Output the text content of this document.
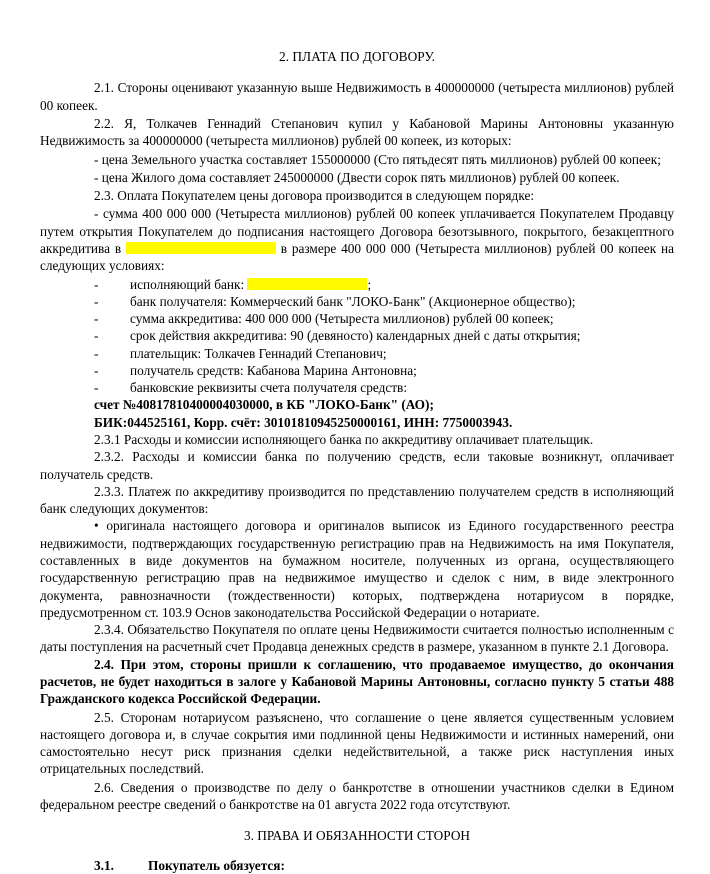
2. ПЛАТА ПО ДОГОВОРУ.

2.1. Стороны оценивают указанную выше Недвижимость в 400000000 (четыреста миллионов) рублей 00 копеек.

2.2. Я, Толкачев Геннадий Степанович купил у Кабановой Марины Антоновны указанную Недвижимость за 400000000 (четыреста миллионов) рублей 00 копеек, из которых:

- цена Земельного участка составляет 155000000 (Сто пятьдесят пять миллионов) рублей 00 копеек;

- цена Жилого дома составляет 245000000 (Двести сорок пять миллионов) рублей 00 копеек.

2.3. Оплата Покупателем цены договора производится в следующем порядке:

- сумма 400 000 000 (Четыреста миллионов) рублей 00 копеек уплачивается Покупателем Продавцу путем открытия Покупателем до подписания настоящего Договора безотзывного, покрытого, безакцептного аккредитива в	в размере 400 000 000 (Четыреста миллионов) рублей 00 копеек на следующих условиях:

-	исполняющий банк:	;
-	банк получателя: Коммерческий банк "ЛОКО-Банк" (Акционерное общество);
-	сумма аккредитива: 400 000 000 (Четыреста миллионов) рублей 00 копеек;
-	срок действия аккредитива: 90 (девяносто) календарных дней с даты открытия;
-	плательщик: Толкачев Геннадий Степанович;
-	получатель средств: Кабанова Марина Антоновна;
-	банковские реквизиты счета получателя средств:

счет №40817810400004030000, в КБ "ЛОКО-Банк" (АО);

БИК:044525161, Корр. счёт: 30101810945250000161, ИНН: 7750003943.

2.3.1 Расходы и комиссии исполняющего банка по аккредитиву оплачивает плательщик.

2.3.2. Расходы и комиссии банка по получению средств, если таковые возникнут, оплачивает получатель средств.

2.3.3. Платеж по аккредитиву производится по представлению получателем средств в исполняющий банк следующих документов:

• оригинала настоящего договора и оригиналов выписок из Единого государственного реестра недвижимости, подтверждающих государственную регистрацию прав на Недвижимость на имя Покупателя, составленных в виде документов на бумажном носителе, полученных из органа, осуществляющего государственную регистрацию прав на недвижимое имущество и сделок с ним, в виде электронного документа, равнозначности (тождественности) которых, подтверждена нотариусом в порядке, предусмотренном ст. 103.9 Основ законодательства Российской Федерации о нотариате.

2.3.4. Обязательство Покупателя по оплате цены Недвижимости считается полностью исполненным с даты поступления на расчетный счет Продавца денежных средств в размере, указанном в пункте 2.1 Договора.

2.4. При этом, стороны пришли к соглашению, что продаваемое имущество, до окончания расчетов, не будет находиться в залоге у Кабановой Марины Антоновны, согласно пункту 5 статьи 488 Гражданского кодекса Российской Федерации.

2.5. Сторонам нотариусом разъяснено, что соглашение о цене является существенным условием настоящего договора и, в случае сокрытия ими подлинной цены Недвижимости и истинных намерений, они самостоятельно несут риск признания сделки недействительной, а также риск наступления иных отрицательных последствий.

2.6. Сведения о производстве по делу о банкротстве в отношении участников сделки в Едином федеральном реестре сведений о банкротстве на 01 августа 2022 года отсутствуют.

3. ПРАВА И ОБЯЗАННОСТИ СТОРОН

3.1.	Покупатель обязуется:
